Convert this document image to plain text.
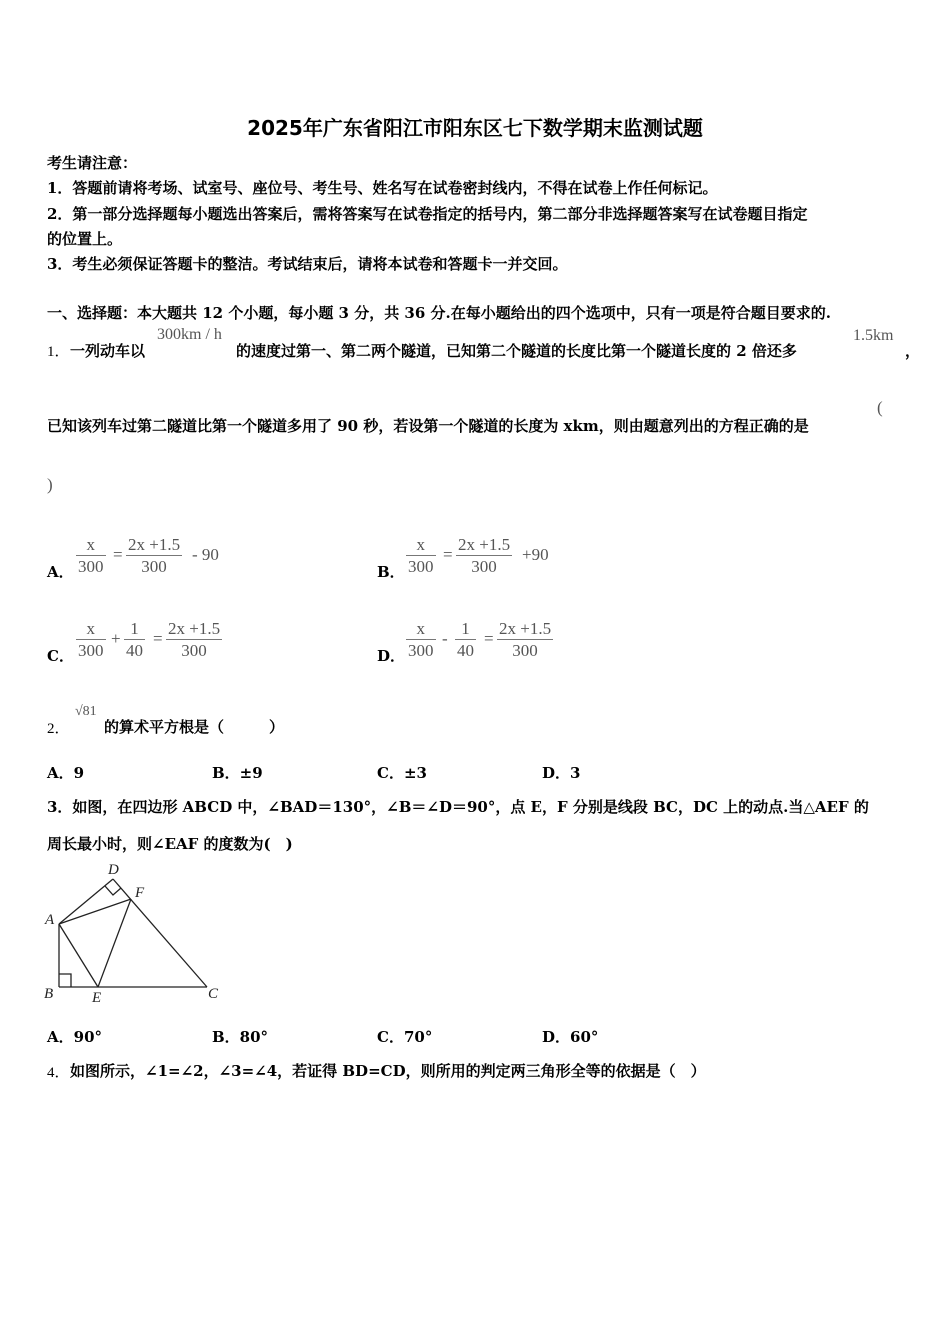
2025年广东省阳江市阳东区七下数学期末监测试题
考生请注意：
1．答题前请将考场、试室号、座位号、考生号、姓名写在试卷密封线内，不得在试卷上作任何标记。
2．第一部分选择题每小题选出答案后，需将答案写在试卷指定的括号内，第二部分非选择题答案写在试卷题目指定
的位置上。
3．考生必须保证答题卡的整洁。考试结束后，请将本试卷和答题卡一并交回。
一、选择题：本大题共 12 个小题，每小题 3 分，共 36 分.在每小题给出的四个选项中，只有一项是符合题目要求的.
1． 一列动车以
300km / h
的速度过第一、第二两个隧道，已知第二个隧道的长度比第一个隧道长度的 2 倍还多
1.5km
，
已知该列车过第二隧道比第一个隧道多用了 90 秒，若设第一个隧道的长度为 xkm，则由题意列出的方程正确的是
(
)
A． $\frac{x}{300} = \frac{2x +1.5}{300} - 90$
B． $\frac{x}{300} = \frac{2x +1.5}{300} +90$
C． $\frac{x}{300} + \frac{1}{40} = \frac{2x +1.5}{300}$	D． $\frac{x}{300} - \frac{1}{40} = \frac{2x +1.5}{300}$
2．
√81
的算术平方根是（　　　）
A．9	B．±9	C．±3	D．3
3．如图，在四边形 ABCD 中，∠BAD＝130°，∠B＝∠D＝90°，点 E，F 分别是线段 BC，DC 上的动点.当△AEF 的
周长最小时，则∠EAF 的度数为(　)
A
B	C
D
E
F
A．90°	B．80°	C．70°	D．60°
4． 如图所示，∠1=∠2，∠3=∠4，若证得 BD=CD，则所用的判定两三角形全等的依据是（　）
